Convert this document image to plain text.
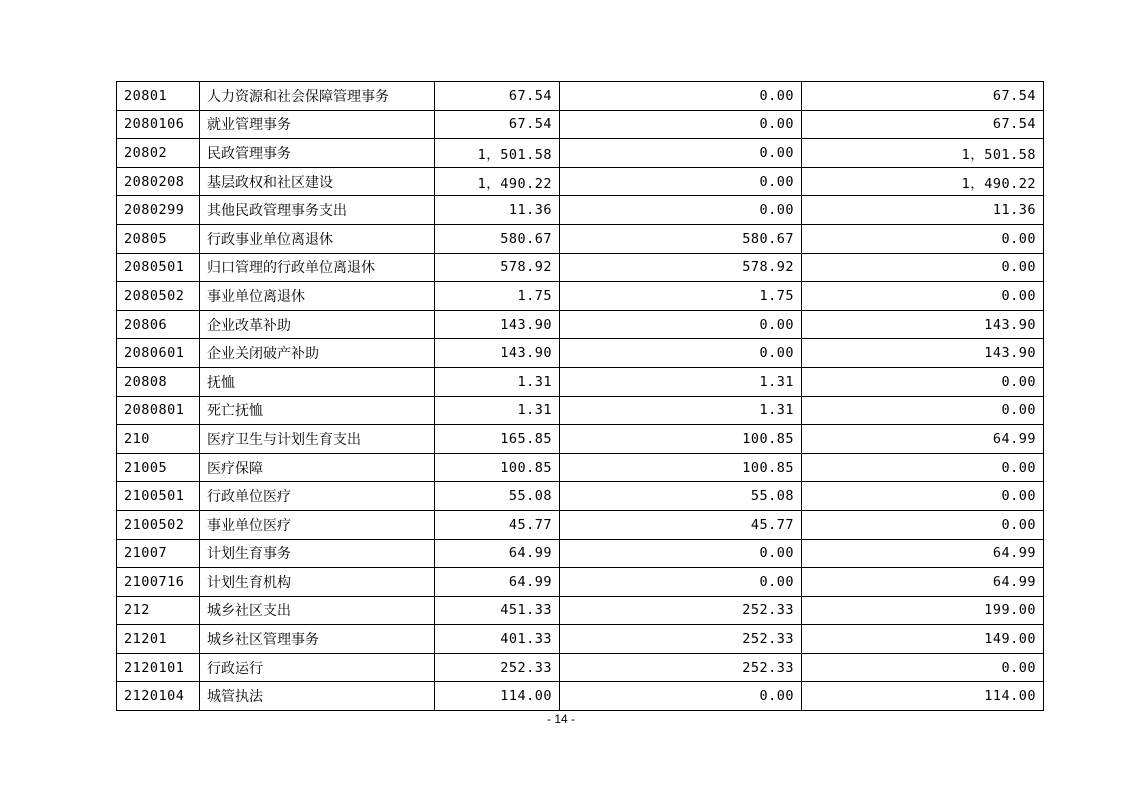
20801	人力资源和社会保障管理事务	67.54	0.00	67.54
2080106	就业管理事务	67.54	0.00	67.54
20802	民政管理事务	1，501.58	0.00	1，501.58
2080208	基层政权和社区建设	1，490.22	0.00	1，490.22
2080299	其他民政管理事务支出	11.36	0.00	11.36
20805	行政事业单位离退休	580.67	580.67	0.00
2080501	归口管理的行政单位离退休	578.92	578.92	0.00
2080502	事业单位离退休	1.75	1.75	0.00
20806	企业改革补助	143.90	0.00	143.90
2080601	企业关闭破产补助	143.90	0.00	143.90
20808	抚恤	1.31	1.31	0.00
2080801	死亡抚恤	1.31	1.31	0.00
210	医疗卫生与计划生育支出	165.85	100.85	64.99
21005	医疗保障	100.85	100.85	0.00
2100501	行政单位医疗	55.08	55.08	0.00
2100502	事业单位医疗	45.77	45.77	0.00
21007	计划生育事务	64.99	0.00	64.99
2100716	计划生育机构	64.99	0.00	64.99
212	城乡社区支出	451.33	252.33	199.00
21201	城乡社区管理事务	401.33	252.33	149.00
2120101	行政运行	252.33	252.33	0.00
2120104	城管执法	114.00	0.00	114.00
- 14 -
